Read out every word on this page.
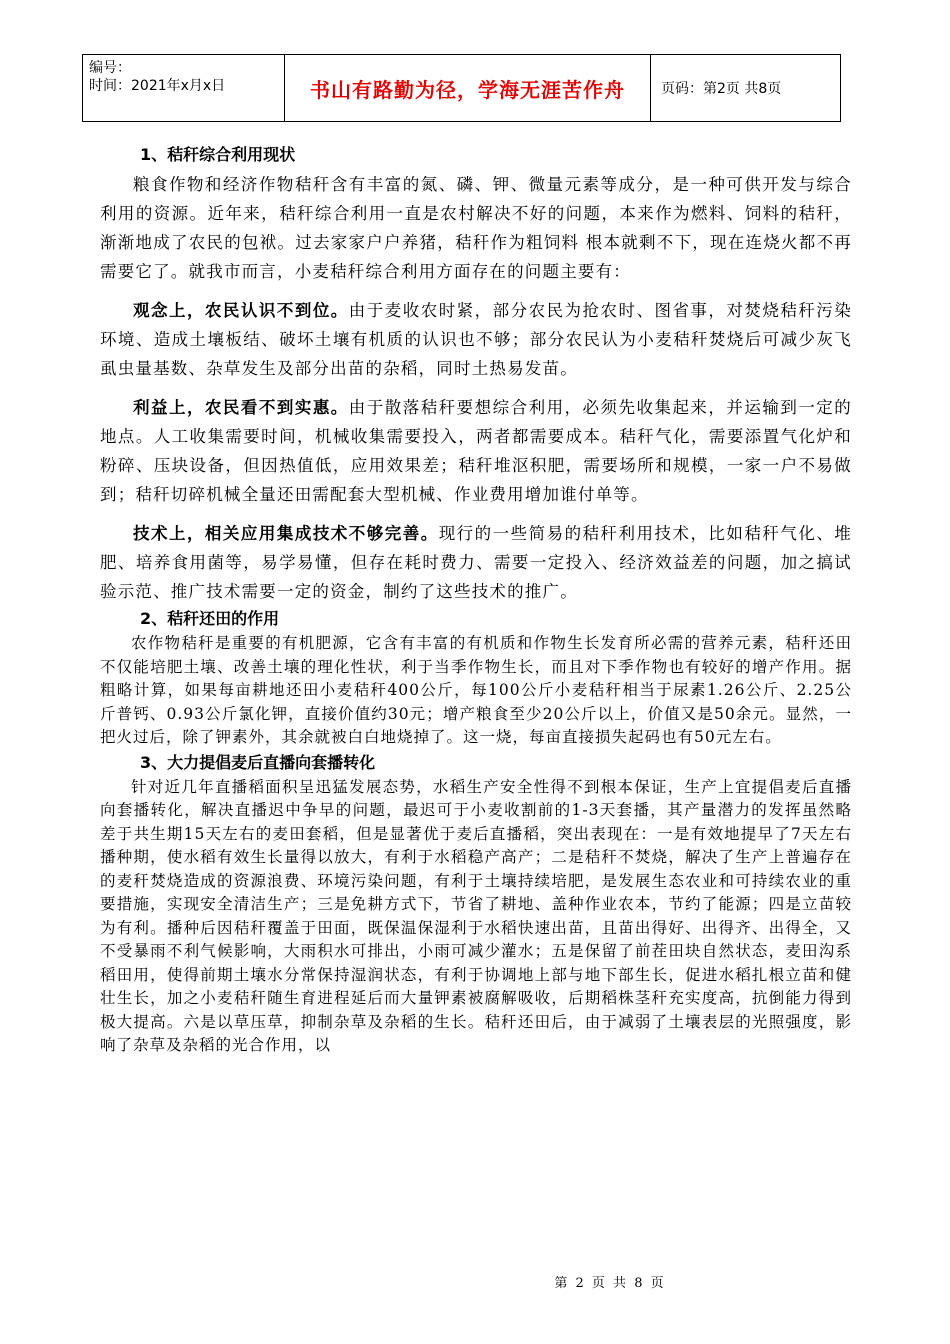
编号：
时间：2021年x月x日	书山有路勤为径，学海无涯苦作舟	页码：第2页 共8页
1、秸秆综合利用现状

粮食作物和经济作物秸秆含有丰富的氮、磷、钾、微量元素等成分，是一种可供开发与综合利用的资源。近年来，秸秆综合利用一直是农村解决不好的问题，本来作为燃料、饲料的秸秆，渐渐地成了农民的包袱。过去家家户户养猪，秸秆作为粗饲料 根本就剩不下，现在连烧火都不再需要它了。就我市而言，小麦秸秆综合利用方面存在的问题主要有：

观念上，农民认识不到位。由于麦收农时紧，部分农民为抢农时、图省事，对焚烧秸秆污染环境、造成土壤板结、破坏土壤有机质的认识也不够；部分农民认为小麦秸秆焚烧后可减少灰飞虱虫量基数、杂草发生及部分出苗的杂稻，同时土热易发苗。

利益上，农民看不到实惠。由于散落秸秆要想综合利用，必须先收集起来，并运输到一定的地点。人工收集需要时间，机械收集需要投入，两者都需要成本。秸秆气化，需要添置气化炉和粉碎、压块设备，但因热值低，应用效果差；秸秆堆沤积肥，需要场所和规模，一家一户不易做到；秸秆切碎机械全量还田需配套大型机械、作业费用增加谁付单等。

技术上，相关应用集成技术不够完善。现行的一些简易的秸秆利用技术，比如秸秆气化、堆肥、培养食用菌等，易学易懂，但存在耗时费力、需要一定投入、经济效益差的问题，加之搞试验示范、推广技术需要一定的资金，制约了这些技术的推广。

2、秸秆还田的作用

农作物秸秆是重要的有机肥源，它含有丰富的有机质和作物生长发育所必需的营养元素，秸秆还田不仅能培肥土壤、改善土壤的理化性状，利于当季作物生长，而且对下季作物也有较好的增产作用。据粗略计算，如果每亩耕地还田小麦秸秆400公斤，每100公斤小麦秸秆相当于尿素1.26公斤、2.25公斤普钙、0.93公斤氯化钾，直接价值约30元；增产粮食至少20公斤以上，价值又是50余元。显然，一把火过后，除了钾素外，其余就被白白地烧掉了。这一烧，每亩直接损失起码也有50元左右。

3、大力提倡麦后直播向套播转化

针对近几年直播稻面积呈迅猛发展态势，水稻生产安全性得不到根本保证，生产上宜提倡麦后直播向套播转化，解决直播迟中争早的问题，最迟可于小麦收割前的1-3天套播，其产量潜力的发挥虽然略差于共生期15天左右的麦田套稻，但是显著优于麦后直播稻，突出表现在：一是有效地提早了7天左右播种期，使水稻有效生长量得以放大，有利于水稻稳产高产；二是秸秆不焚烧，解决了生产上普遍存在的麦秆焚烧造成的资源浪费、环境污染问题，有利于土壤持续培肥，是发展生态农业和可持续农业的重要措施，实现安全清洁生产；三是免耕方式下，节省了耕地、盖种作业农本，节约了能源；四是立苗较为有利。播种后因秸秆覆盖于田面，既保温保湿利于水稻快速出苗，且苗出得好、出得齐、出得全，又不受暴雨不利气候影响，大雨积水可排出，小雨可减少灌水；五是保留了前茬田块自然状态，麦田沟系稻田用，使得前期土壤水分常保持湿润状态，有利于协调地上部与地下部生长，促进水稻扎根立苗和健壮生长，加之小麦秸秆随生育进程延后而大量钾素被腐解吸收，后期稻株茎秆充实度高，抗倒能力得到极大提高。六是以草压草，抑制杂草及杂稻的生长。秸秆还田后，由于减弱了土壤表层的光照强度，影响了杂草及杂稻的光合作用，以

第 2 页 共 8 页
